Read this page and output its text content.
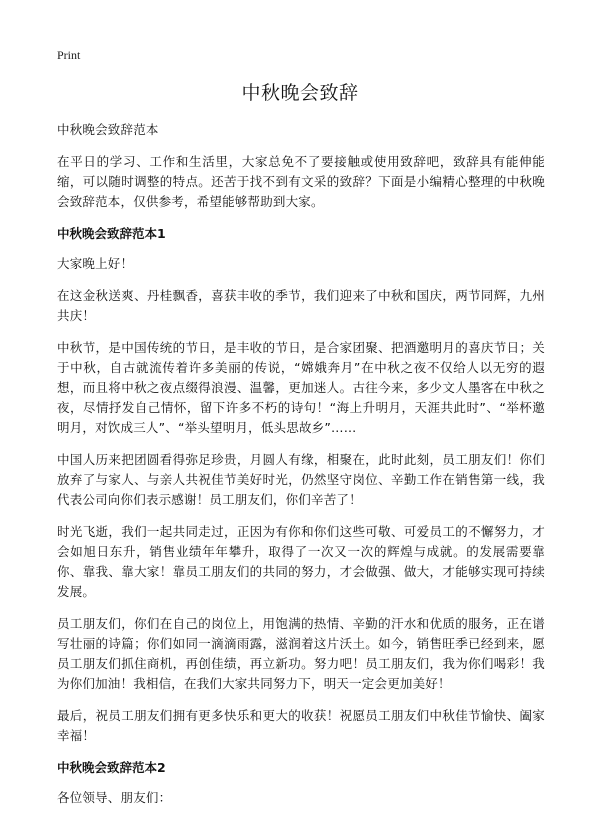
Print
中秋晚会致辞

中秋晚会致辞范本

在平日的学习、工作和生活里，大家总免不了要接触或使用致辞吧，致辞具有能伸能缩，可以随时调整的特点。还苦于找不到有文采的致辞？下面是小编精心整理的中秋晚会致辞范本，仅供参考，希望能够帮助到大家。

中秋晚会致辞范本1

大家晚上好！

在这金秋送爽、丹桂飘香，喜获丰收的季节，我们迎来了中秋和国庆，两节同辉，九州共庆！

中秋节，是中国传统的节日，是丰收的节日，是合家团聚、把酒邀明月的喜庆节日；关于中秋，自古就流传着许多美丽的传说，“嫦娥奔月”在中秋之夜不仅给人以无穷的遐想，而且将中秋之夜点缀得浪漫、温馨，更加迷人。古往今来，多少文人墨客在中秋之夜，尽情抒发自己情怀，留下许多不朽的诗句！“海上升明月，天涯共此时”、“举杯邀明月，对饮成三人”、“举头望明月，低头思故乡”……

中国人历来把团圆看得弥足珍贵，月圆人有缘，相聚在，此时此刻，员工朋友们！你们放弃了与家人、与亲人共祝佳节美好时光，仍然坚守岗位、辛勤工作在销售第一线，我代表公司向你们表示感谢！员工朋友们，你们辛苦了！

时光飞逝，我们一起共同走过，正因为有你和你们这些可敬、可爱员工的不懈努力，才会如旭日东升，销售业绩年年攀升，取得了一次又一次的辉煌与成就。的发展需要靠你、靠我、靠大家！靠员工朋友们的共同的努力，才会做强、做大，才能够实现可持续发展。

员工朋友们，你们在自己的岗位上，用饱满的热情、辛勤的汗水和优质的服务，正在谱写壮丽的诗篇；你们如同一滴滴雨露，滋润着这片沃土。如今，销售旺季已经到来，愿员工朋友们抓住商机，再创佳绩，再立新功。努力吧！员工朋友们，我为你们喝彩！我为你们加油！我相信，在我们大家共同努力下，明天一定会更加美好！

最后，祝员工朋友们拥有更多快乐和更大的收获！祝愿员工朋友们中秋佳节愉快、阖家幸福！

中秋晚会致辞范本2

各位领导、朋友们：
